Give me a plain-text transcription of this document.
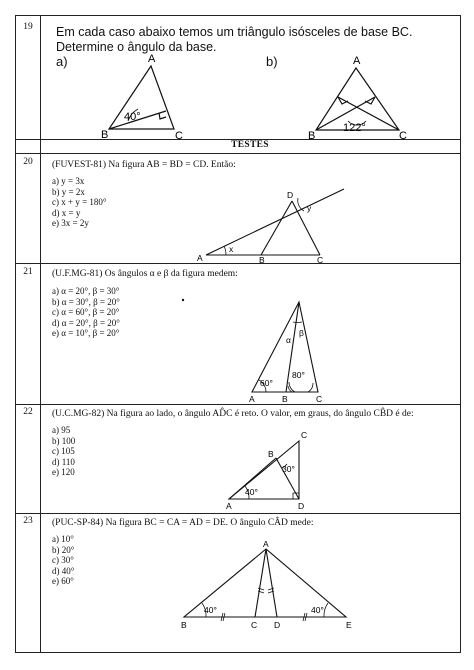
19	Em cada caso abaixo temos um triângulo isósceles de base BC. Determine o ângulo da base.
a)	b)
A
B	C
40°
A
B	C
122°
TESTES
20	(FUVEST-81) Na figura AB = BD = CD. Então:
a) y = 3x
b) y = 2x
c) x + y = 180°
d) x = y
e) 3x = 2y
A	B	C
D
x
y
21	(U.F.MG-81) Os ângulos α e β da figura medem:
a) α = 20°, β = 30°
b) α = 30°, β = 20°
c) α = 60°, β = 20°
d) α = 20°, β = 20°
e) α = 10°, β = 20°
A	B	C
α
β
60°
80°
22	(U.C.MG-82) Na figura ao lado, o ângulo AD̂C é reto. O valor, em graus, do ângulo CB̂D é de:
a) 95
b) 100
c) 105
d) 110
e) 120
A
B
C
D
40°
30°
23	(PUC-SP-84) Na figura BC = CA = AD = DE. O ângulo CÂD mede:
a) 10°
b) 20°
c) 30°
d) 40°
e) 60°
A
B	C D	E
40°	40°
